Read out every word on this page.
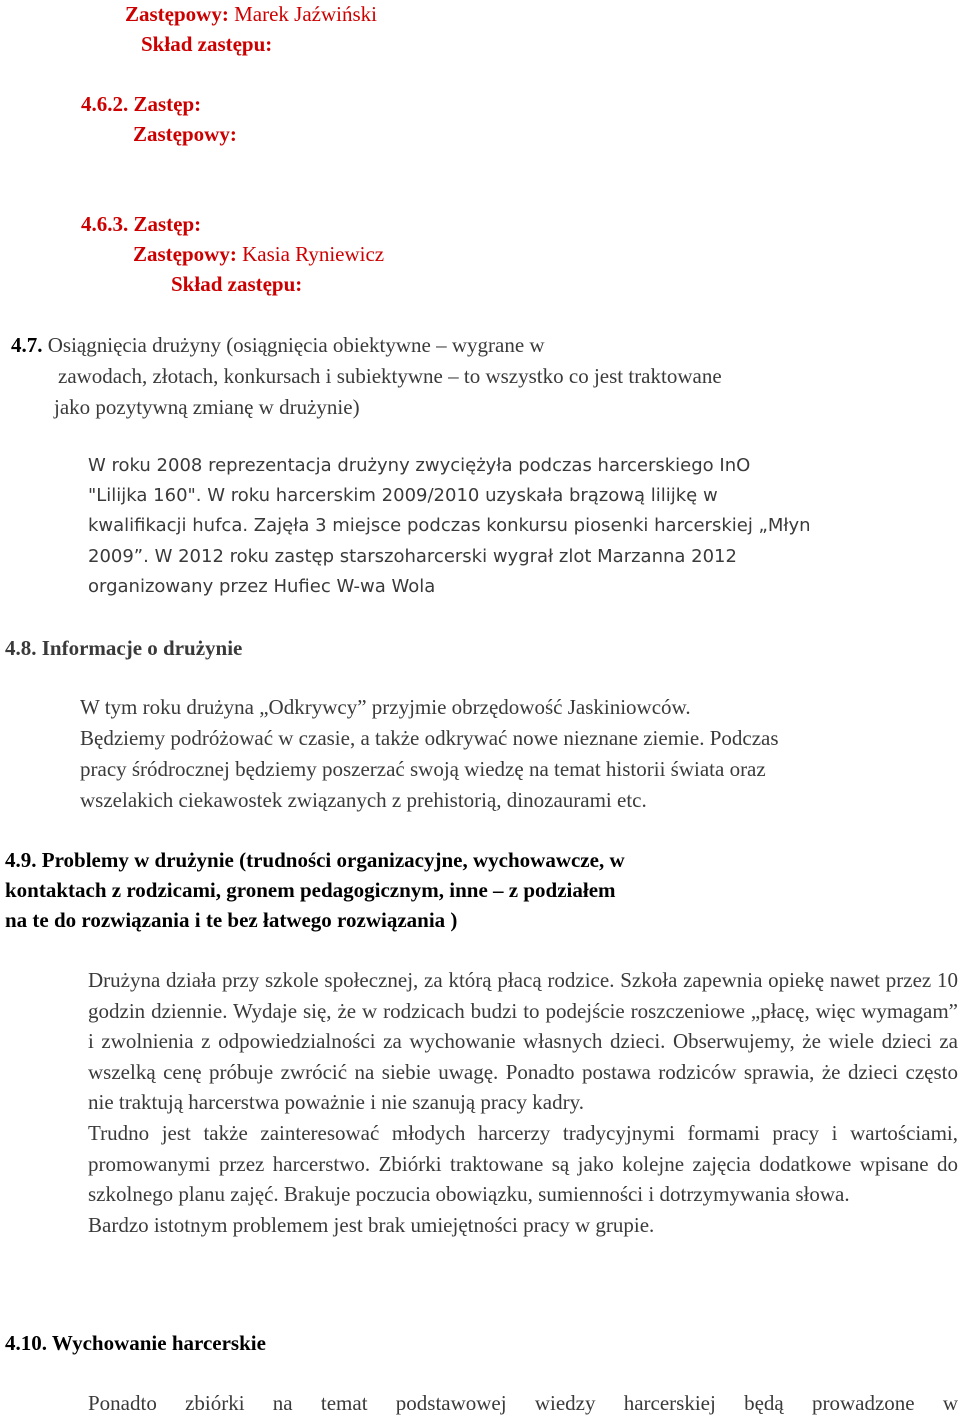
Zastępowy: Marek Jaźwiński
Skład zastępu:
4.6.2. Zastęp:
Zastępowy:
4.6.3. Zastęp:
Zastępowy: Kasia Ryniewicz
Skład zastępu:
4.7. Osiągnięcia drużyny (osiągnięcia obiektywne – wygrane w
zawodach, złotach, konkursach i subiektywne – to wszystko co jest traktowane
jako pozytywną zmianę w drużynie)
W roku 2008 reprezentacja drużyny zwyciężyła podczas harcerskiego InO
"Lilijka 160". W roku harcerskim 2009/2010 uzyskała brązową lilijkę w
kwalifikacji hufca. Zajęła 3 miejsce podczas konkursu piosenki harcerskiej „Młyn
2009”. W 2012 roku zastęp starszoharcerski wygrał zlot Marzanna 2012
organizowany przez Hufiec W-wa Wola
4.8. Informacje o drużynie
W tym roku drużyna „Odkrywcy” przyjmie obrzędowość Jaskiniowców.
Będziemy podróżować w czasie, a także odkrywać nowe nieznane ziemie. Podczas
pracy śródrocznej będziemy poszerzać swoją wiedzę na temat historii świata oraz
wszelakich ciekawostek związanych z prehistorią, dinozaurami etc.
4.9. Problemy w drużynie (trudności organizacyjne, wychowawcze, w
kontaktach z rodzicami, gronem pedagogicznym, inne – z podziałem
na te do rozwiązania i te bez łatwego rozwiązania )

Drużyna działa przy szkole społecznej, za którą płacą rodzice. Szkoła zapewnia opiekę nawet przez 10 godzin dziennie. Wydaje się, że w rodzicach budzi to podejście roszczeniowe „płacę, więc wymagam” i zwolnienia z odpowiedzialności za wychowanie własnych dzieci. Obserwujemy, że wiele dzieci za wszelką cenę próbuje zwrócić na siebie uwagę. Ponadto postawa rodziców sprawia, że dzieci często nie traktują harcerstwa poważnie i nie szanują pracy kadry.

Trudno jest także zainteresować młodych harcerzy tradycyjnymi formami pracy i wartościami, promowanymi przez harcerstwo. Zbiórki traktowane są jako kolejne zajęcia dodatkowe wpisane do szkolnego planu zajęć. Brakuje poczucia obowiązku, sumienności i dotrzymywania słowa.

Bardzo istotnym problemem jest brak umiejętności pracy w grupie.

4.10. Wychowanie harcerskie

Ponadto zbiórki na temat podstawowej wiedzy harcerskiej będą prowadzone w
